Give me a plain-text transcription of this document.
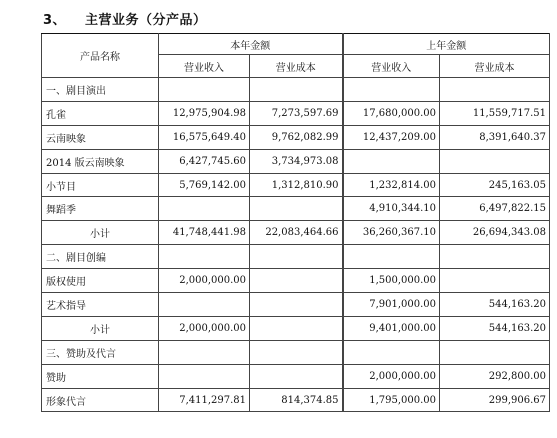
3、 主营业务（分产品）
产品名称	本年金额		上年金额	
	营业收入	营业成本	营业收入	营业成本
一、剧目演出				
孔雀	12,975,904.98	7,273,597.69	17,680,000.00	11,559,717.51
云南映象	16,575,649.40	9,762,082.99	12,437,209.00	8,391,640.37
2014 版云南映象	6,427,745.60	3,734,973.08		
小节目	5,769,142.00	1,312,810.90	1,232,814.00	245,163.05
舞蹈季			4,910,344.10	6,497,822.15
小计	41,748,441.98	22,083,464.66	36,260,367.10	26,694,343.08
二、剧目创编				
版权使用	2,000,000.00		1,500,000.00	
艺术指导			7,901,000.00	544,163.20
小计	2,000,000.00		9,401,000.00	544,163.20
三、赞助及代言				
赞助			2,000,000.00	292,800.00
形象代言	7,411,297.81	814,374.85	1,795,000.00	299,906.67
